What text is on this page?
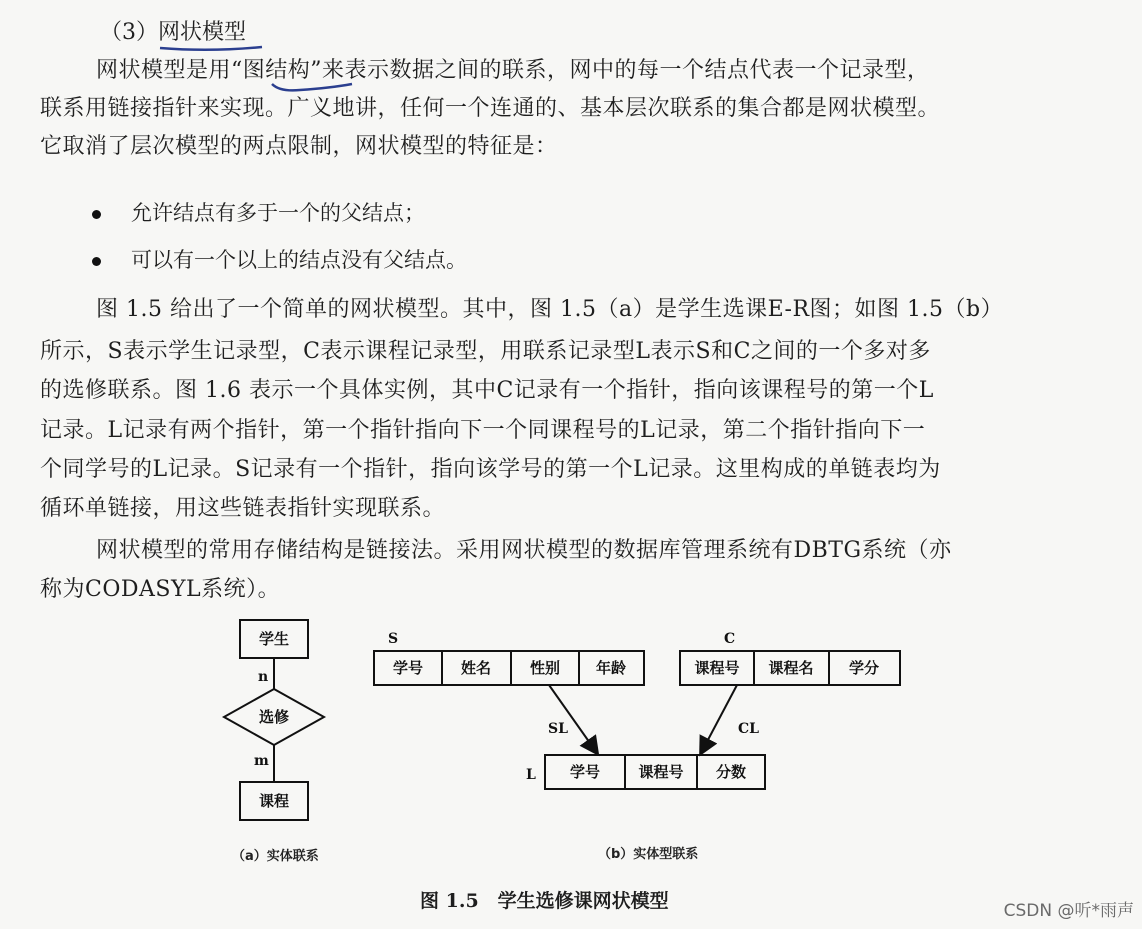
（3）网状模型
网状模型是用“图结构”来表示数据之间的联系，网中的每一个结点代表一个记录型，
联系用链接指针来实现。广义地讲，任何一个连通的、基本层次联系的集合都是网状模型。
它取消了层次模型的两点限制，网状模型的特征是：
允许结点有多于一个的父结点；
可以有一个以上的结点没有父结点。
图 1.5 给出了一个简单的网状模型。其中，图 1.5（a）是学生选课E-R图；如图 1.5（b）
所示，S表示学生记录型，C表示课程记录型，用联系记录型L表示S和C之间的一个多对多
的选修联系。图 1.6 表示一个具体实例，其中C记录有一个指针，指向该课程号的第一个L
记录。L记录有两个指针，第一个指针指向下一个同课程号的L记录，第二个指针指向下一
个同学号的L记录。S记录有一个指针，指向该学号的第一个L记录。这里构成的单链表均为
循环单链接，用这些链表指针实现联系。
网状模型的常用存储结构是链接法。采用网状模型的数据库管理系统有DBTG系统（亦
称为CODASYL系统）。
学生
n
选修
m
课程
（a）实体联系
S
学号	姓名	性别 年龄
C
课程号 课程名 学分
L 学号	课程号 分数
SL	CL
（b）实体型联系
图 1.5　学生选修课网状模型	CSDN @听*雨声
